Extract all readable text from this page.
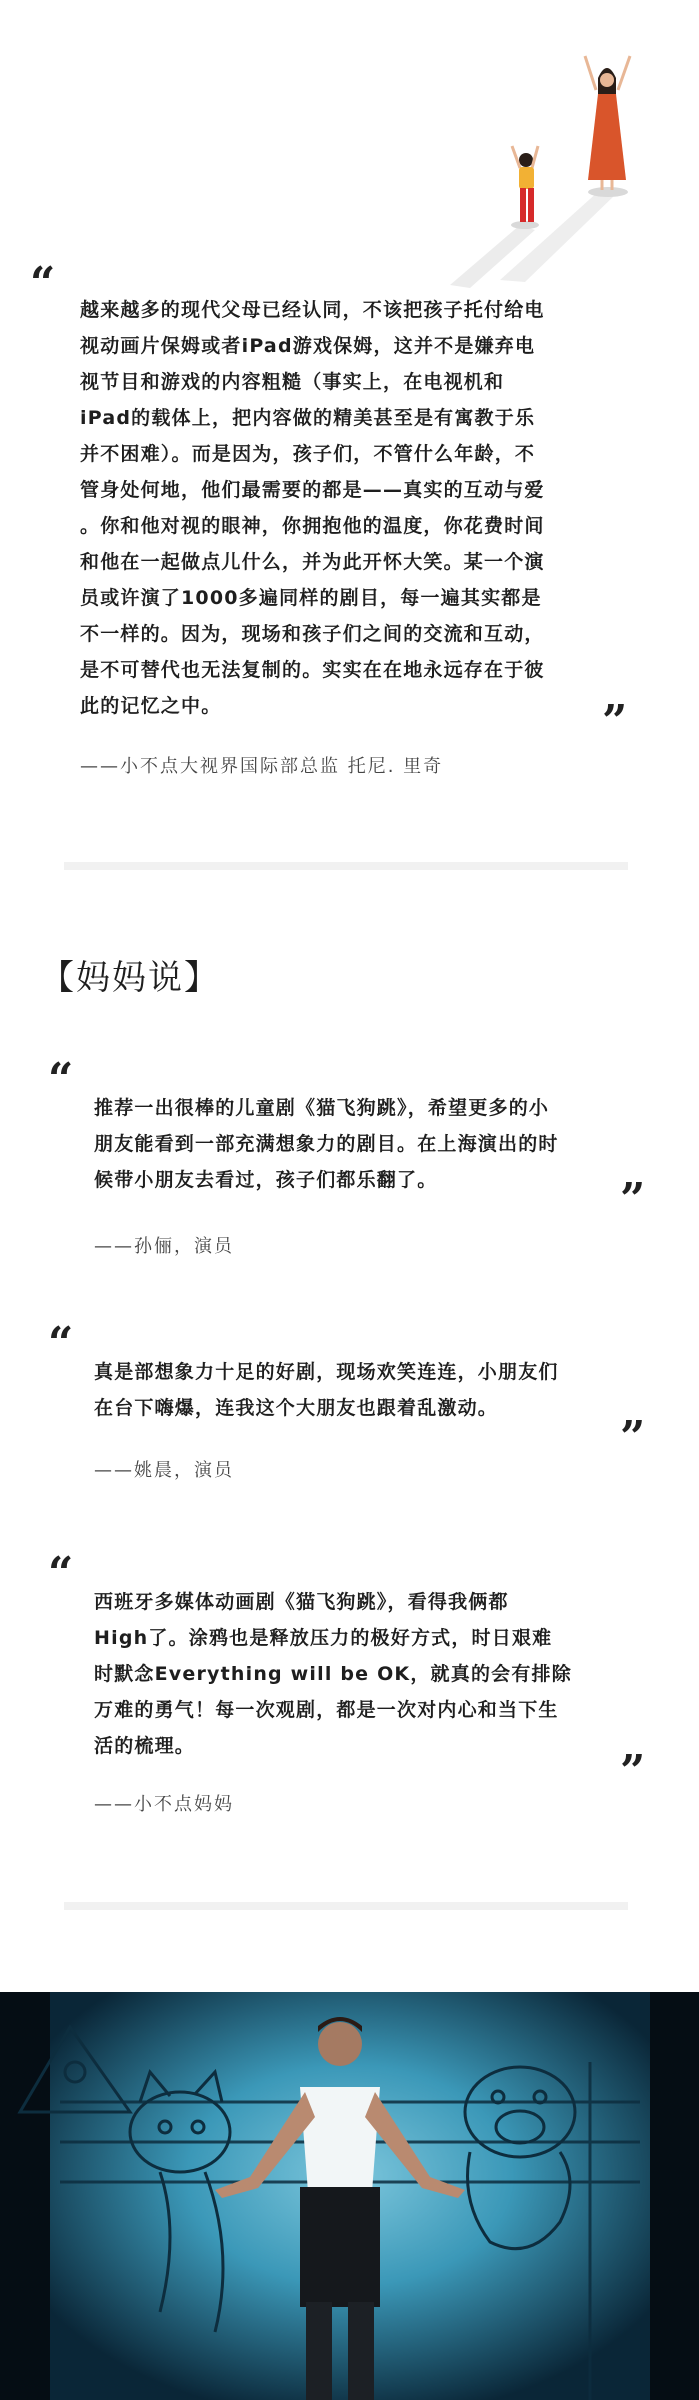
“
越来越多的现代父母已经认同，不该把孩子托付给电
视动画片保姆或者iPad游戏保姆，这并不是嫌弃电
视节目和游戏的内容粗糙（事实上，在电视机和
iPad的载体上，把内容做的精美甚至是有寓教于乐
并不困难）。而是因为，孩子们，不管什么年龄，不
管身处何地，他们最需要的都是——真实的互动与爱
。你和他对视的眼神，你拥抱他的温度，你花费时间
和他在一起做点儿什么，并为此开怀大笑。某一个演
员或许演了1000多遍同样的剧目，每一遍其实都是
不一样的。因为，现场和孩子们之间的交流和互动，
是不可替代也无法复制的。实实在在地永远存在于彼
此的记忆之中。	”

——小不点大视界国际部总监 托尼. 里奇

【妈妈说】
“
推荐一出很棒的儿童剧《猫飞狗跳》，希望更多的小
朋友能看到一部充满想象力的剧目。在上海演出的时
候带小朋友去看过，孩子们都乐翻了。	”

——孙俪，演员

“
真是部想象力十足的好剧，现场欢笑连连，小朋友们
在台下嗨爆，连我这个大朋友也跟着乱激动。
”

——姚晨，演员

“
西班牙多媒体动画剧《猫飞狗跳》，看得我俩都
High了。涂鸦也是释放压力的极好方式，时日艰难
时默念Everything will be OK，就真的会有排除
万难的勇气！每一次观剧，都是一次对内心和当下生
活的梳理。	”

——小不点妈妈
